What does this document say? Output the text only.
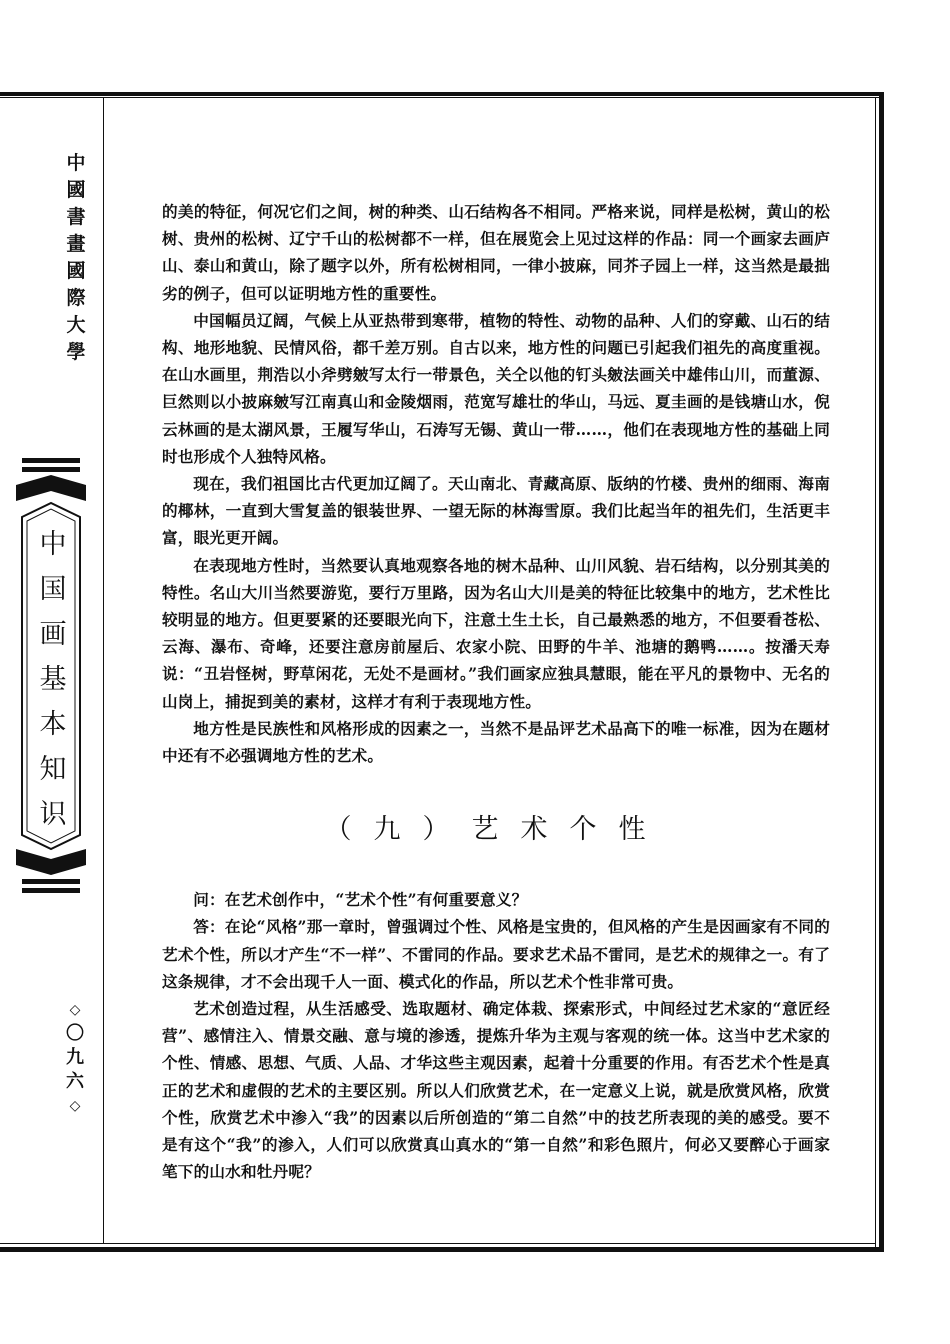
中
國
書
畫
國
際
大
學
中
国
画
基
本
知
识
◇
〇
九
六
◇

的美的特征，何况它们之间，树的种类、山石结构各不相同。严格来说，同样是松树，黄山的松树、贵州的松树、辽宁千山的松树都不一样，但在展览会上见过这样的作品：同一个画家去画庐山、泰山和黄山，除了题字以外，所有松树相同，一律小披麻，同芥子园上一样，这当然是最拙劣的例子，但可以证明地方性的重要性。

中国幅员辽阔，气候上从亚热带到寒带，植物的特性、动物的品种、人们的穿戴、山石的结构、地形地貌、民情风俗，都千差万别。自古以来，地方性的问题已引起我们祖先的高度重视。在山水画里，荆浩以小斧劈皴写太行一带景色，关仝以他的钉头皴法画关中雄伟山川，而董源、巨然则以小披麻皴写江南真山和金陵烟雨，范宽写雄壮的华山，马远、夏圭画的是钱塘山水，倪云林画的是太湖风景，王履写华山，石涛写无锡、黄山一带……，他们在表现地方性的基础上同时也形成个人独特风格。

现在，我们祖国比古代更加辽阔了。天山南北、青藏高原、版纳的竹楼、贵州的细雨、海南的椰林，一直到大雪复盖的银装世界、一望无际的林海雪原。我们比起当年的祖先们，生活更丰富，眼光更开阔。

在表现地方性时，当然要认真地观察各地的树木品种、山川风貌、岩石结构，以分别其美的特性。名山大川当然要游览，要行万里路，因为名山大川是美的特征比较集中的地方，艺术性比较明显的地方。但更要紧的还要眼光向下，注意土生土长，自己最熟悉的地方，不但要看苍松、云海、瀑布、奇峰，还要注意房前屋后、农家小院、田野的牛羊、池塘的鹅鸭……。按潘天寿说：“丑岩怪树，野草闲花，无处不是画材。”我们画家应独具慧眼，能在平凡的景物中、无名的山岗上，捕捉到美的素材，这样才有利于表现地方性。

地方性是民族性和风格形成的因素之一，当然不是品评艺术品高下的唯一标准，因为在题材中还有不必强调地方性的艺术。

（九）艺术个性

问：在艺术创作中，“艺术个性”有何重要意义？

答：在论“风格”那一章时，曾强调过个性、风格是宝贵的，但风格的产生是因画家有不同的艺术个性，所以才产生“不一样”、不雷同的作品。要求艺术品不雷同，是艺术的规律之一。有了这条规律，才不会出现千人一面、模式化的作品，所以艺术个性非常可贵。

艺术创造过程，从生活感受、选取题材、确定体栽、探索形式，中间经过艺术家的“意匠经营”、感情注入、情景交融、意与境的渗透，提炼升华为主观与客观的统一体。这当中艺术家的个性、情感、思想、气质、人品、才华这些主观因素，起着十分重要的作用。有否艺术个性是真正的艺术和虚假的艺术的主要区别。所以人们欣赏艺术，在一定意义上说，就是欣赏风格，欣赏个性，欣赏艺术中渗入“我”的因素以后所创造的“第二自然”中的技艺所表现的美的感受。要不是有这个“我”的渗入，人们可以欣赏真山真水的“第一自然”和彩色照片，何必又要醉心于画家笔下的山水和牡丹呢？
